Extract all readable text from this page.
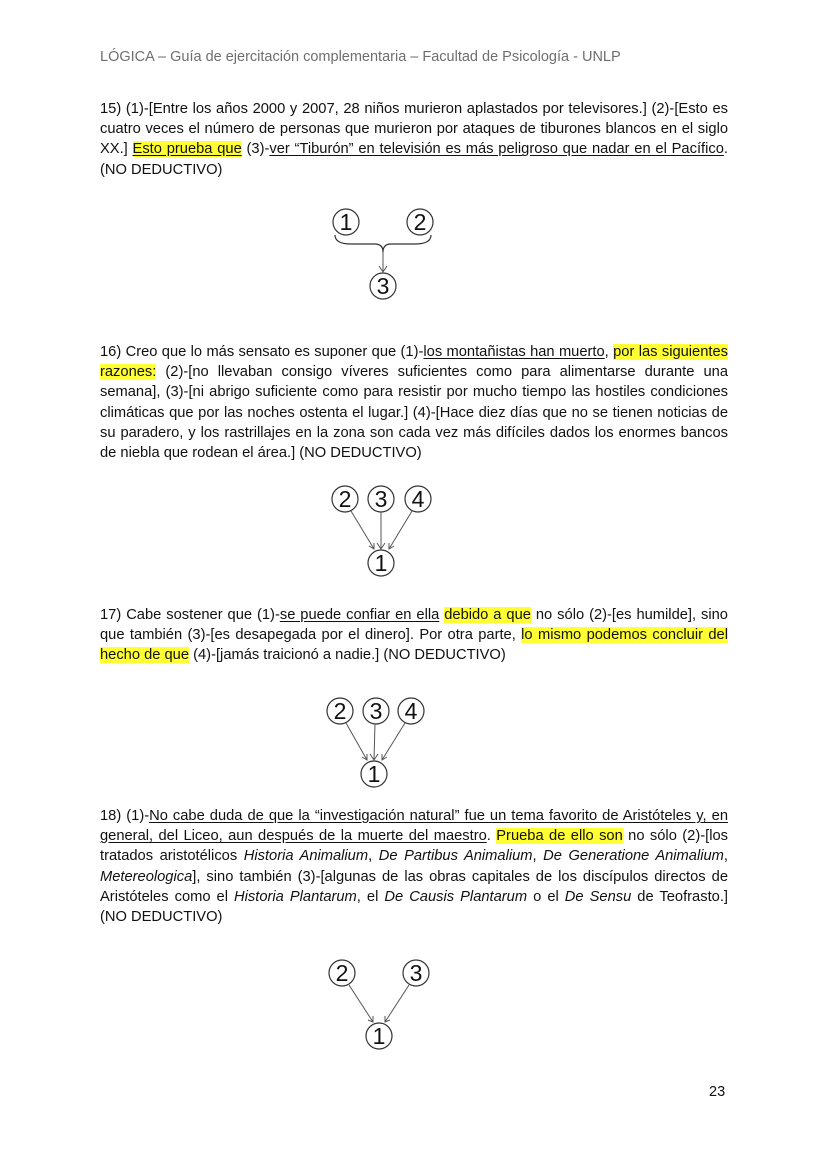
LÓGICA – Guía de ejercitación complementaria – Facultad de Psicología - UNLP
15) (1)-[Entre los años 2000 y 2007, 28 niños murieron aplastados por televisores.] (2)-[Esto es cuatro veces el número de personas que murieron por ataques de tiburones blancos en el siglo XX.] Esto prueba que (3)-ver “Tiburón” en televisión es más peligroso que nadar en el Pacífico. (NO DEDUCTIVO)
1	2
3
16) Creo que lo más sensato es suponer que (1)-los montañistas han muerto, por las siguientes razones: (2)-[no llevaban consigo víveres suficientes como para alimentarse durante una semana], (3)-[ni abrigo suficiente como para resistir por mucho tiempo las hostiles condiciones climáticas que por las noches ostenta el lugar.] (4)-[Hace diez días que no se tienen noticias de su paradero, y los rastrillajes en la zona son cada vez más difíciles dados los enormes bancos de niebla que rodean el área.] (NO DEDUCTIVO)
2 3 4
1
17) Cabe sostener que (1)-se puede confiar en ella debido a que no sólo (2)-[es humilde], sino que también (3)-[es desapegada por el dinero]. Por otra parte, lo mismo podemos concluir del hecho de que (4)-[jamás traicionó a nadie.] (NO DEDUCTIVO)
2 3 4
1
18) (1)-No cabe duda de que la “investigación natural” fue un tema favorito de Aristóteles y, en general, del Liceo, aun después de la muerte del maestro. Prueba de ello son no sólo (2)-[los tratados aristotélicos Historia Animalium, De Partibus Animalium, De Generatione Animalium, Metereologica], sino también (3)-[algunas de las obras capitales de los discípulos directos de Aristóteles como el Historia Plantarum, el De Causis Plantarum o el De Sensu de Teofrasto.] (NO DEDUCTIVO)
2	3
1
23
